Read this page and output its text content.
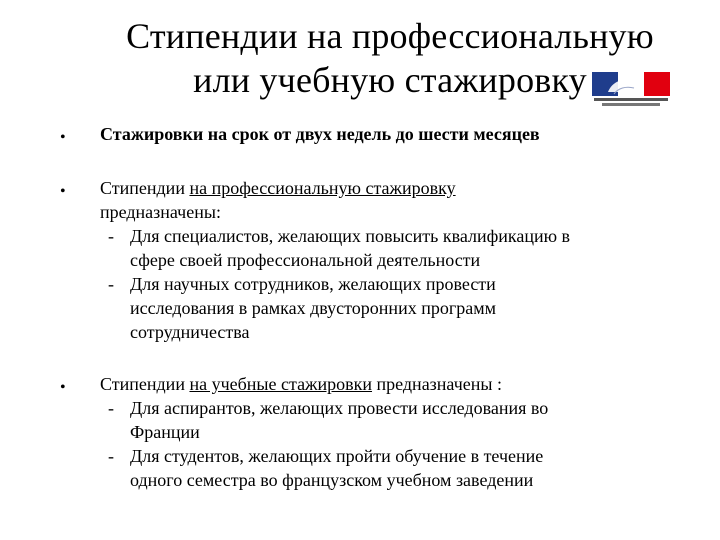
Стипендии на профессиональную
или учебную стажировку
• Стажировки на срок от двух недель до шести месяцев
• Стипендии на профессиональную стажировку
предназначены:
- Для специалистов, желающих повысить квалификацию в
сфере своей профессиональной деятельности
- Для научных сотрудников, желающих провести
исследования в рамках двусторонних программ
сотрудничества
• Стипендии на учебные стажировки предназначены :
- Для аспирантов, желающих провести исследования во
Франции
- Для студентов, желающих пройти обучение в течение
одного семестра во французском учебном заведении
